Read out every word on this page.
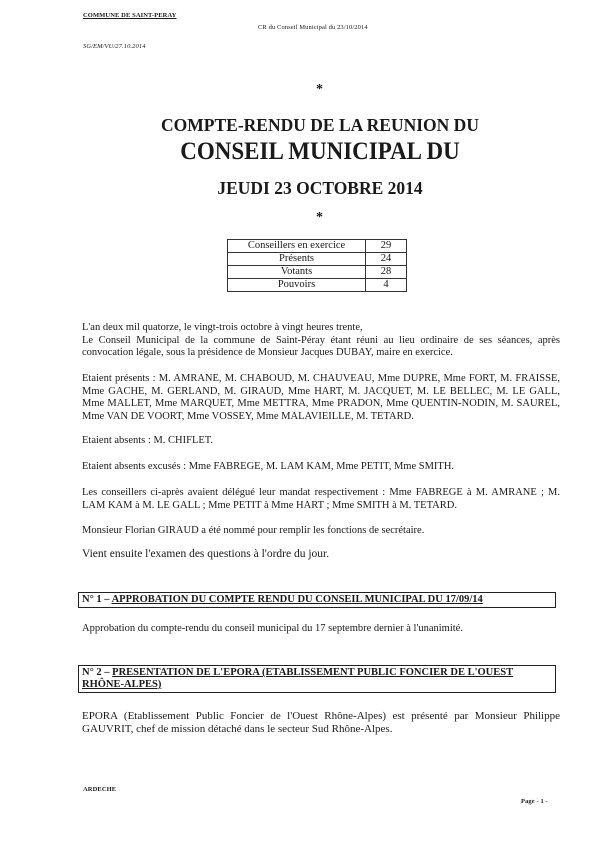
COMMUNE DE SAINT-PERAY
CR du Conseil Municipal du 23/10/2014
SG/EM/VU/27.10.2014
*
COMPTE-RENDU DE LA REUNION DU
CONSEIL MUNICIPAL DU
JEUDI 23 OCTOBRE 2014
*
Conseillers en exercice	29
Présents	24
Votants	28
Pouvoirs	4

L'an deux mil quatorze, le vingt-trois octobre à vingt heures trente,

Le Conseil Municipal de la commune de Saint-Péray étant réuni au lieu ordinaire de ses séances, après convocation légale, sous la présidence de Monsieur Jacques DUBAY, maire en exercice.

Etaient présents : M. AMRANE, M. CHABOUD, M. CHAUVEAU, Mme DUPRE, Mme FORT, M. FRAISSE, Mme GACHE, M. GERLAND, M. GIRAUD, Mme HART, M. JACQUET, M. LE BELLEC, M. LE GALL, Mme MALLET, Mme MARQUET, Mme METTRA, Mme PRADON, Mme QUENTIN-NODIN, M. SAUREL, Mme VAN DE VOORT, Mme VOSSEY, Mme MALAVIEILLE, M. TETARD.
Etaient absents : M. CHIFLET.
Etaient absents excusés : Mme FABREGE, M. LAM KAM, Mme PETIT, Mme SMITH.
Les conseillers ci-après avaient délégué leur mandat respectivement : Mme FABREGE à M. AMRANE ; M. LAM KAM à M. LE GALL ; Mme PETIT à Mme HART ; Mme SMITH à M. TETARD.
Monsieur Florian GIRAUD a été nommé pour remplir les fonctions de secrétaire.
Vient ensuite l'examen des questions à l'ordre du jour.
N° 1 – APPROBATION DU COMPTE RENDU DU CONSEIL MUNICIPAL DU 17/09/14
Approbation du compte-rendu du conseil municipal du 17 septembre dernier à l'unanimité.
N° 2 – PRESENTATION DE L'EPORA (ETABLISSEMENT PUBLIC FONCIER DE L'OUEST RHÔNE-ALPES)
EPORA (Etablissement Public Foncier de l'Ouest Rhône-Alpes) est présenté par Monsieur Philippe GAUVRIT, chef de mission détaché dans le secteur Sud Rhône-Alpes.
ARDECHE
Page - 1 -
